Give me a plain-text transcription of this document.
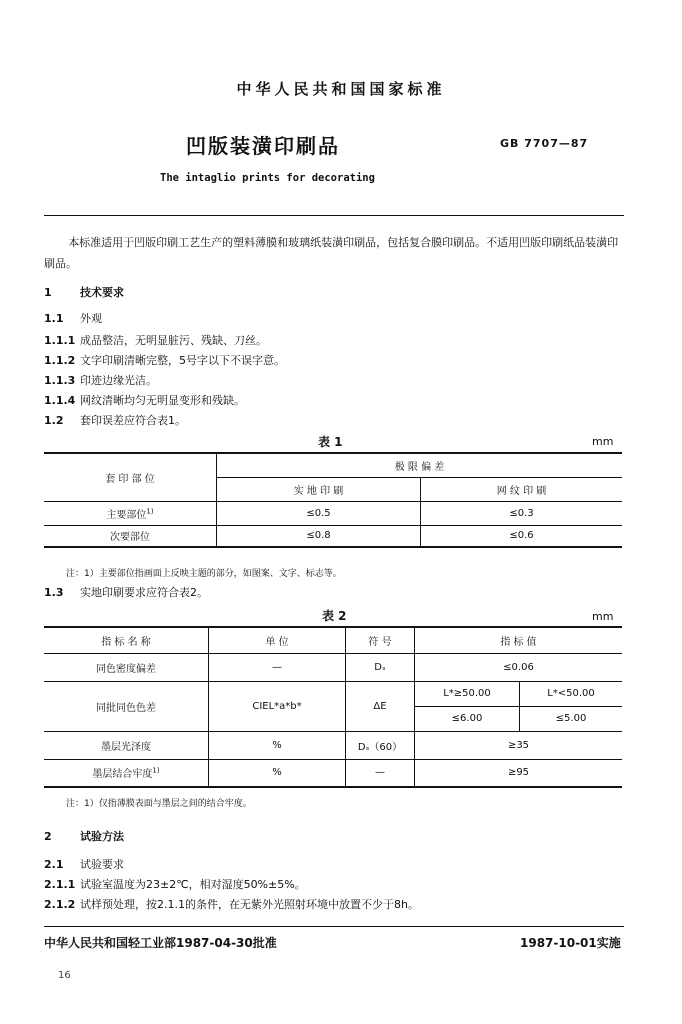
中华人民共和国国家标准
凹版装潢印刷品	GB 7707—87
The intaglio prints for decorating

本标准适用于凹版印刷工艺生产的塑料薄膜和玻璃纸装潢印刷品，包括复合膜印刷品。不适用凹版印刷纸品装潢印刷品。

1	技术要求
1.1 外观
1.1.1 成品整洁，无明显脏污、残缺、刀丝。
1.1.2 文字印刷清晰完整，5号字以下不误字意。
1.1.3 印迹边缘光洁。
1.1.4 网纹清晰均匀无明显变形和残缺。
1.2 套印误差应符合表1。
表 1	mm
套 印 部 位	极 限 偏 差	
	实 地 印 刷	网 纹 印 刷
主要部位$^{1)}$	≤0.5	≤0.3
次要部位	≤0.8	≤0.6
注：1）主要部位指画面上反映主题的部分，如图案、文字、标志等。
1.3 实地印刷要求应符合表2。
表 2	mm
指 标 名 称	单 位	符 号	指 标 值	
同色密度偏差	—	Dₛ	≤0.06	
同批同色色差	CIEL*a*b*	ΔE	L*≥50.00	L*<50.00
			≤6.00	≤5.00
墨层光泽度	%	Dₛ（60）	≥35	
墨层结合牢度$^{1)}$	%	—	≥95	
注：1）仅指薄膜表面与墨层之间的结合牢度。
2	试验方法
2.1 试验要求
2.1.1 试验室温度为23±2℃，相对湿度50%±5%。
2.1.2 试样预处理，按2.1.1的条件，在无紫外光照射环境中放置不少于8h。
中华人民共和国轻工业部1987-04-30批准	1987-10-01实施
16
